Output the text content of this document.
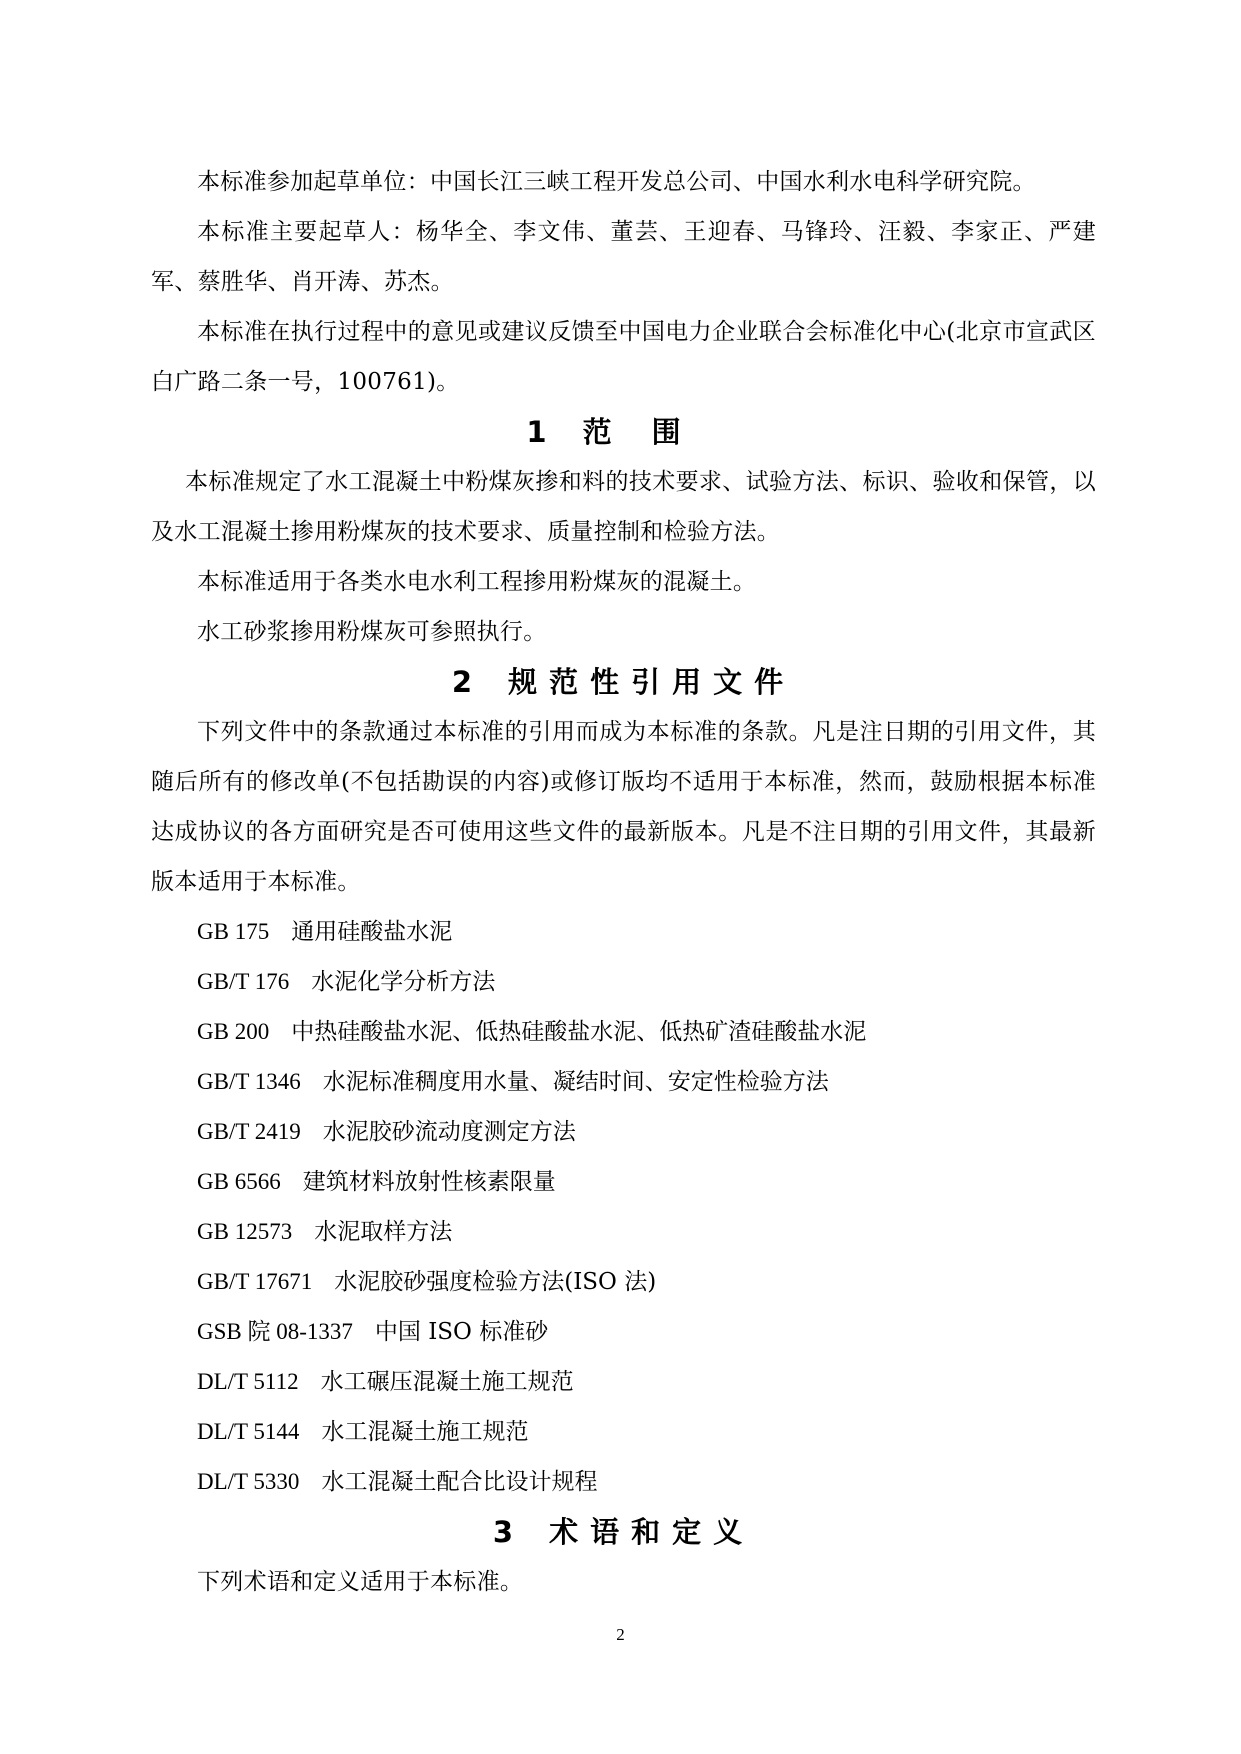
本标准参加起草单位：中国长江三峡工程开发总公司、中国水利水电科学研究院。

本标准主要起草人：杨华全、李文伟、董芸、王迎春、马锋玲、汪毅、李家正、严建军、蔡胜华、肖开涛、苏杰。

本标准在执行过程中的意见或建议反馈至中国电力企业联合会标准化中心(北京市宣武区白广路二条一号，100761)。

1 范围

本标准规定了水工混凝土中粉煤灰掺和料的技术要求、试验方法、标识、验收和保管，以及水工混凝土掺用粉煤灰的技术要求、质量控制和检验方法。

本标准适用于各类水电水利工程掺用粉煤灰的混凝土。

水工砂浆掺用粉煤灰可参照执行。

2 规范性引用文件

下列文件中的条款通过本标准的引用而成为本标准的条款。凡是注日期的引用文件，其随后所有的修改单(不包括勘误的内容)或修订版均不适用于本标准，然而，鼓励根据本标准达成协议的各方面研究是否可使用这些文件的最新版本。凡是不注日期的引用文件，其最新版本适用于本标准。

GB 175 通用硅酸盐水泥

GB/T 176 水泥化学分析方法

GB 200 中热硅酸盐水泥、低热硅酸盐水泥、低热矿渣硅酸盐水泥

GB/T 1346 水泥标准稠度用水量、凝结时间、安定性检验方法

GB/T 2419 水泥胶砂流动度测定方法

GB 6566 建筑材料放射性核素限量

GB 12573 水泥取样方法

GB/T 17671 水泥胶砂强度检验方法(ISO 法)

GSB 院 08-1337 中国 ISO 标准砂

DL/T 5112 水工碾压混凝土施工规范

DL/T 5144 水工混凝土施工规范

DL/T 5330 水工混凝土配合比设计规程

3 术语和定义

下列术语和定义适用于本标准。

2
